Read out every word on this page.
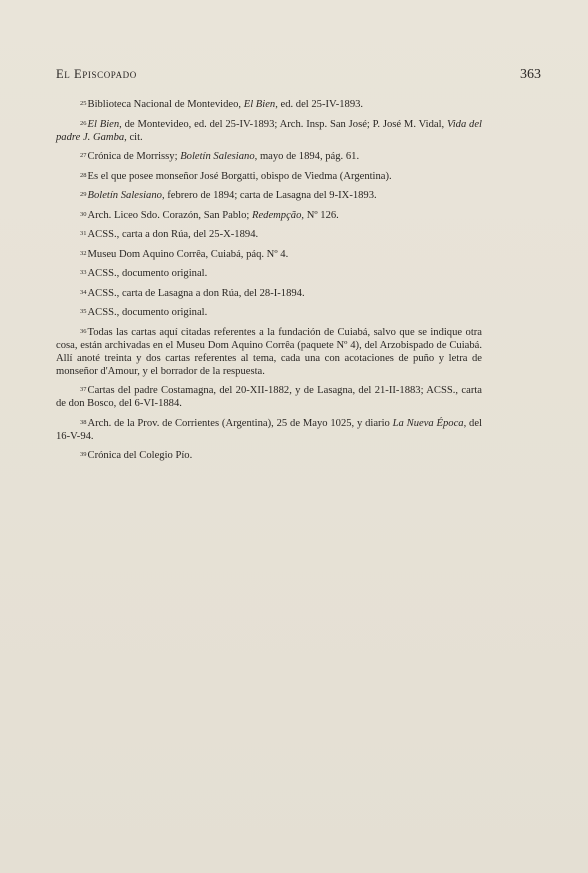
El Episcopado	363

$^{25}$Biblioteca Nacional de Montevideo, El Bien, ed. del 25-IV-1893.

$^{26}$El Bien, de Montevideo, ed. del 25-IV-1893; Arch. Insp. San José; P. José M. Vidal, Vida del padre J. Gamba, cit.

$^{27}$Crónica de Morrissy; Boletín Salesiano, mayo de 1894, pág. 61.

$^{28}$Es el que posee monseñor José Borgatti, obispo de Viedma (Argentina).

$^{29}$Boletín Salesiano, febrero de 1894; carta de Lasagna del 9-IX-1893.

$^{30}$Arch. Liceo Sdo. Corazón, San Pablo; Redempção, Nº 126.

$^{31}$ACSS., carta a don Rúa, del 25-X-1894.

$^{32}$Museu Dom Aquino Corrêa, Cuiabá, páq. Nº 4.

$^{33}$ACSS., documento original.

$^{34}$ACSS., carta de Lasagna a don Rúa, del 28-I-1894.

$^{35}$ACSS., documento original.

$^{36}$Todas las cartas aquí citadas referentes a la fundación de Cuiabá, salvo que se indique otra cosa, están archivadas en el Museu Dom Aquino Corrêa (paquete Nº 4), del Arzobispado de Cuiabá. Allí anoté treinta y dos cartas referentes al tema, cada una con acotaciones de puño y letra de monseñor d'Amour, y el borrador de la respuesta.

$^{37}$Cartas del padre Costamagna, del 20-XII-1882, y de Lasagna, del 21-II-1883; ACSS., carta de don Bosco, del 6-VI-1884.

$^{38}$Arch. de la Prov. de Corrientes (Argentina), 25 de Mayo 1025, y diario La Nueva Época, del 16-V-94.

$^{39}$Crónica del Colegio Pío.
